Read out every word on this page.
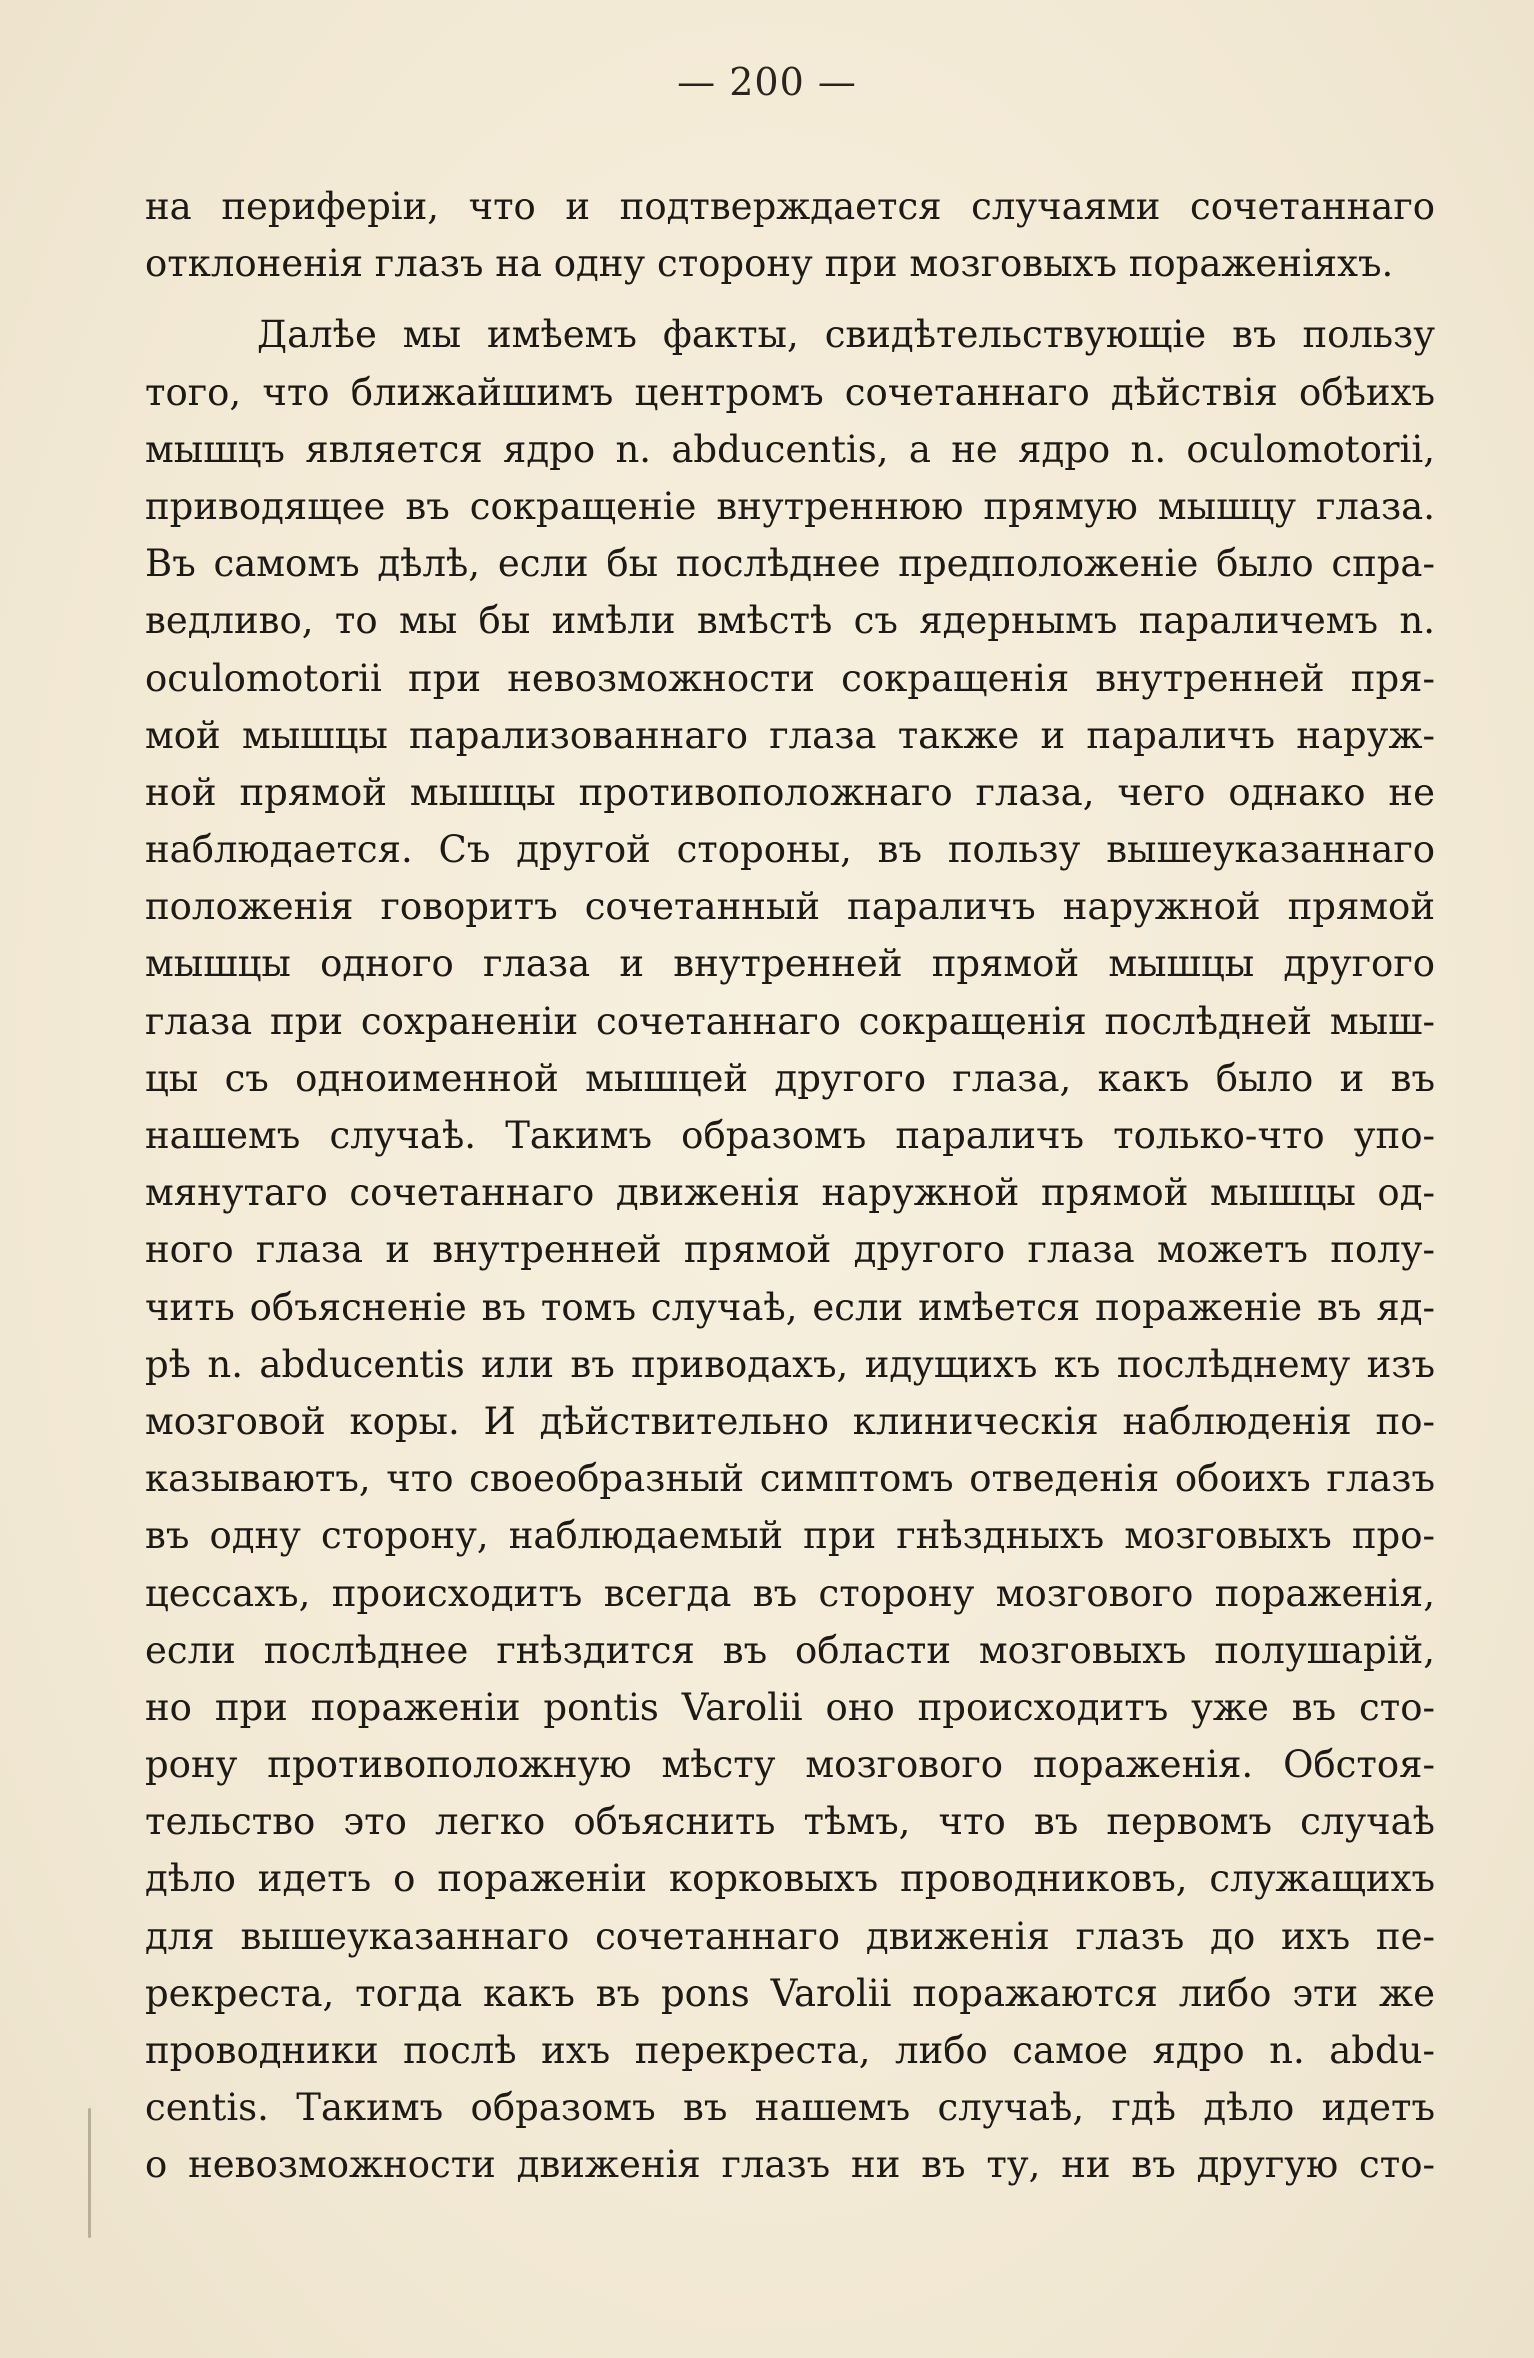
— 200 —
на периферіи, что и подтверждается случаями сочетаннаго
отклоненія глазъ на одну сторону при мозговыхъ пораженіяхъ.
Далѣе мы имѣемъ факты, свидѣтельствующіе въ пользу
того, что ближайшимъ центромъ сочетаннаго дѣйствія обѣихъ
мышцъ является ядро n. abducentis, а не ядро n. oculomotorii,
приводящее въ сокращеніе внутреннюю прямую мышцу глаза.
Въ самомъ дѣлѣ, если бы послѣднее предположеніе было спра-
ведливо, то мы бы имѣли вмѣстѣ съ ядернымъ параличемъ n.
oculomotorii при невозможности сокращенія внутренней пря-
мой мышцы парализованнаго глаза также и параличъ наруж-
ной прямой мышцы противоположнаго глаза, чего однако не
наблюдается. Съ другой стороны, въ пользу вышеуказаннаго
положенія говоритъ сочетанный параличъ наружной прямой
мышцы одного глаза и внутренней прямой мышцы другого
глаза при сохраненіи сочетаннаго сокращенія послѣдней мыш-
цы съ одноименной мышцей другого глаза, какъ было и въ
нашемъ случаѣ. Такимъ образомъ параличъ только-что упо-
мянутаго сочетаннаго движенія наружной прямой мышцы од-
ного глаза и внутренней прямой другого глаза можетъ полу-
чить объясненіе въ томъ случаѣ, если имѣется пораженіе въ яд-
рѣ n. abducentis или въ приводахъ, идущихъ къ послѣднему изъ
мозговой коры. И дѣйствительно клиническія наблюденія по-
казываютъ, что своеобразный симптомъ отведенія обоихъ глазъ
въ одну сторону, наблюдаемый при гнѣздныхъ мозговыхъ про-
цессахъ, происходитъ всегда въ сторону мозгового пораженія,
если послѣднее гнѣздится въ области мозговыхъ полушарій,
но при пораженіи pontis Varolii оно происходитъ уже въ сто-
рону противоположную мѣсту мозгового пораженія. Обстоя-
тельство это легко объяснить тѣмъ, что въ первомъ случаѣ
дѣло идетъ о пораженіи корковыхъ проводниковъ, служащихъ
для вышеуказаннаго сочетаннаго движенія глазъ до ихъ пе-
рекреста, тогда какъ въ pons Varolii поражаются либо эти же
проводники послѣ ихъ перекреста, либо самое ядро n. abdu-
centis. Такимъ образомъ въ нашемъ случаѣ, гдѣ дѣло идетъ
о невозможности движенія глазъ ни въ ту, ни въ другую сто-
